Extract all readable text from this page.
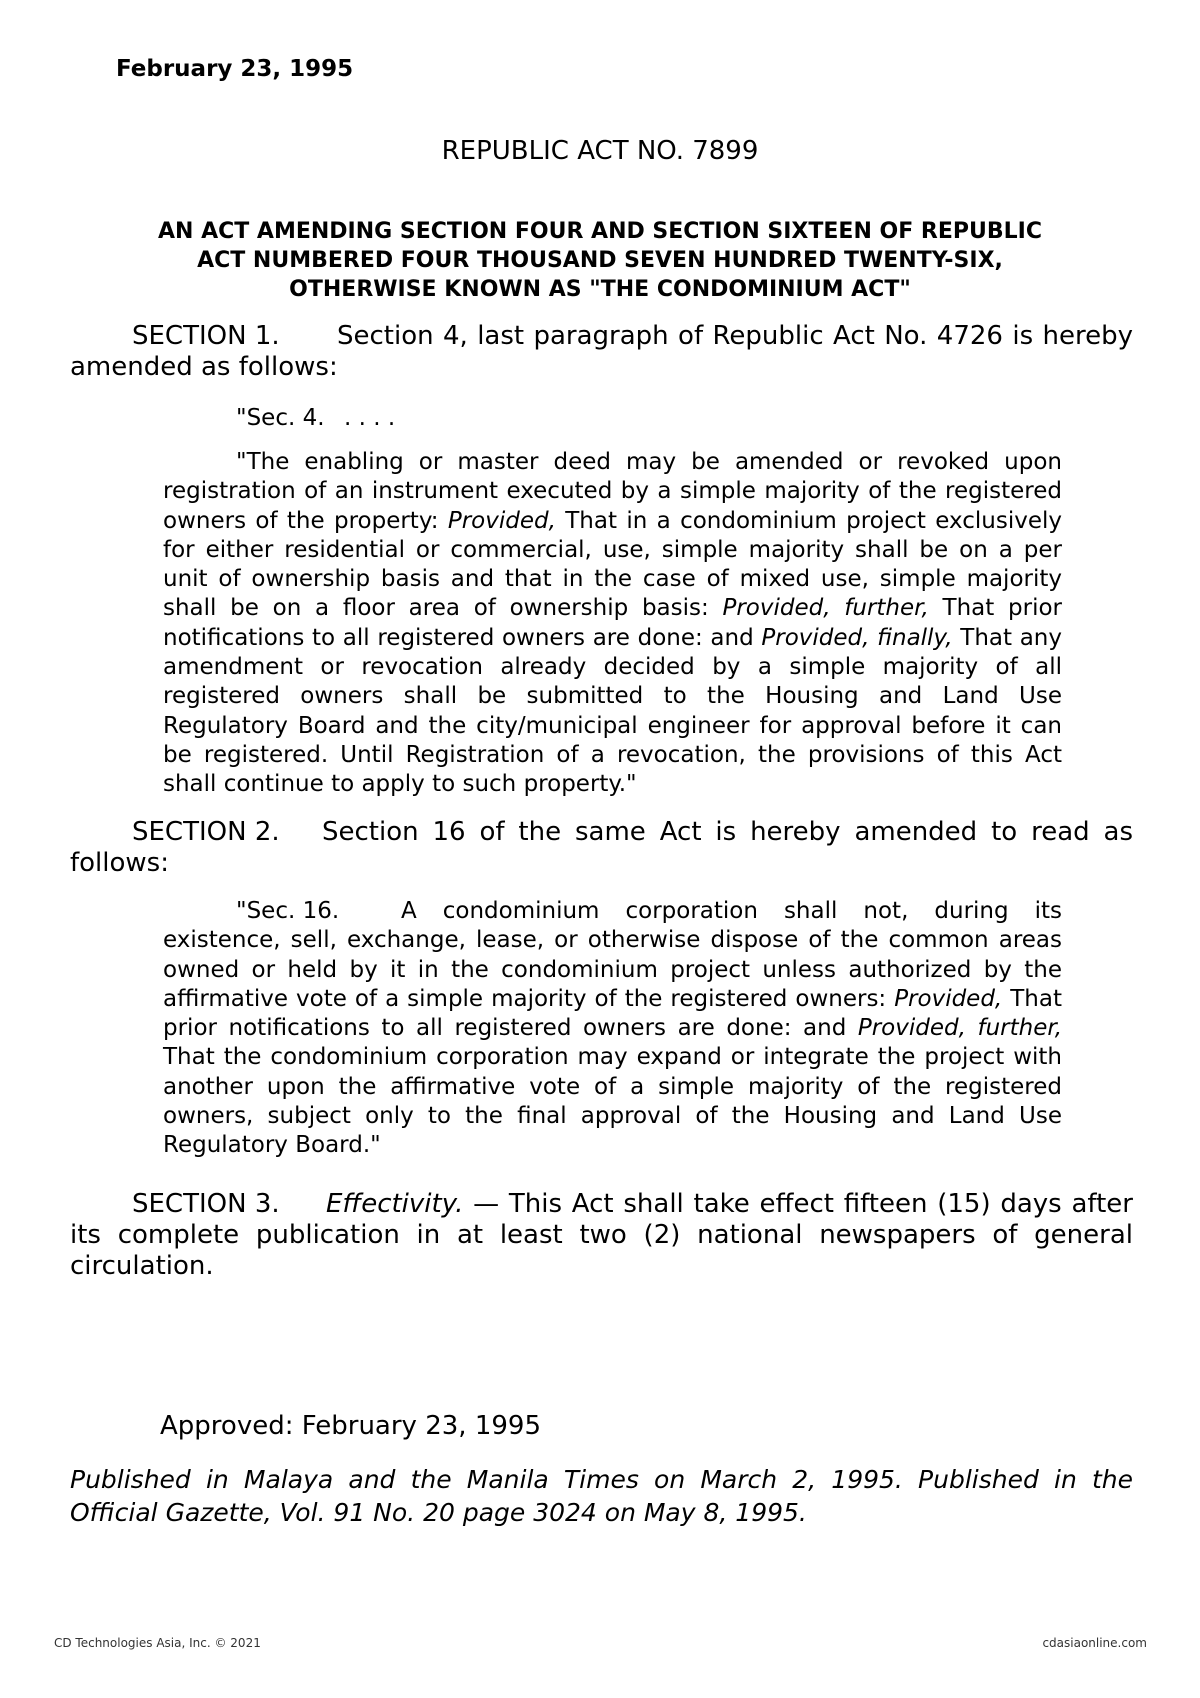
February 23, 1995
REPUBLIC ACT NO. 7899
AN ACT AMENDING SECTION FOUR AND SECTION SIXTEEN OF REPUBLIC
ACT NUMBERED FOUR THOUSAND SEVEN HUNDRED TWENTY-SIX,
OTHERWISE KNOWN AS "THE CONDOMINIUM ACT"
SECTION 1. Section 4, last paragraph of Republic Act No. 4726 is hereby amended as follows:
"Sec. 4. . . . .
"The enabling or master deed may be amended or revoked upon registration of an instrument executed by a simple majority of the registered owners of the property: Provided, That in a condominium project exclusively for either residential or commercial, use, simple majority shall be on a per unit of ownership basis and that in the case of mixed use, simple majority shall be on a floor area of ownership basis: Provided, further, That prior notifications to all registered owners are done: and Provided, finally, That any amendment or revocation already decided by a simple majority of all registered owners shall be submitted to the Housing and Land Use Regulatory Board and the city/municipal engineer for approval before it can be registered. Until Registration of a revocation, the provisions of this Act shall continue to apply to such property."
SECTION 2. Section 16 of the same Act is hereby amended to read as follows:
"Sec. 16.	A condominium corporation shall not, during its existence, sell, exchange, lease, or otherwise dispose of the common areas owned or held by it in the condominium project unless authorized by the affirmative vote of a simple majority of the registered owners: Provided, That prior notifications to all registered owners are done: and Provided, further, That the condominium corporation may expand or integrate the project with another upon the affirmative vote of a simple majority of the registered owners, subject only to the final approval of the Housing and Land Use Regulatory Board."
SECTION 3. Effectivity. — This Act shall take effect fifteen (15) days after its complete publication in at least two (2) national newspapers of general circulation.
Approved: February 23, 1995
Published in Malaya and the Manila Times on March 2, 1995. Published in the Official Gazette, Vol. 91 No. 20 page 3024 on May 8, 1995.
CD Technologies Asia, Inc. © 2021	cdasiaonline.com
